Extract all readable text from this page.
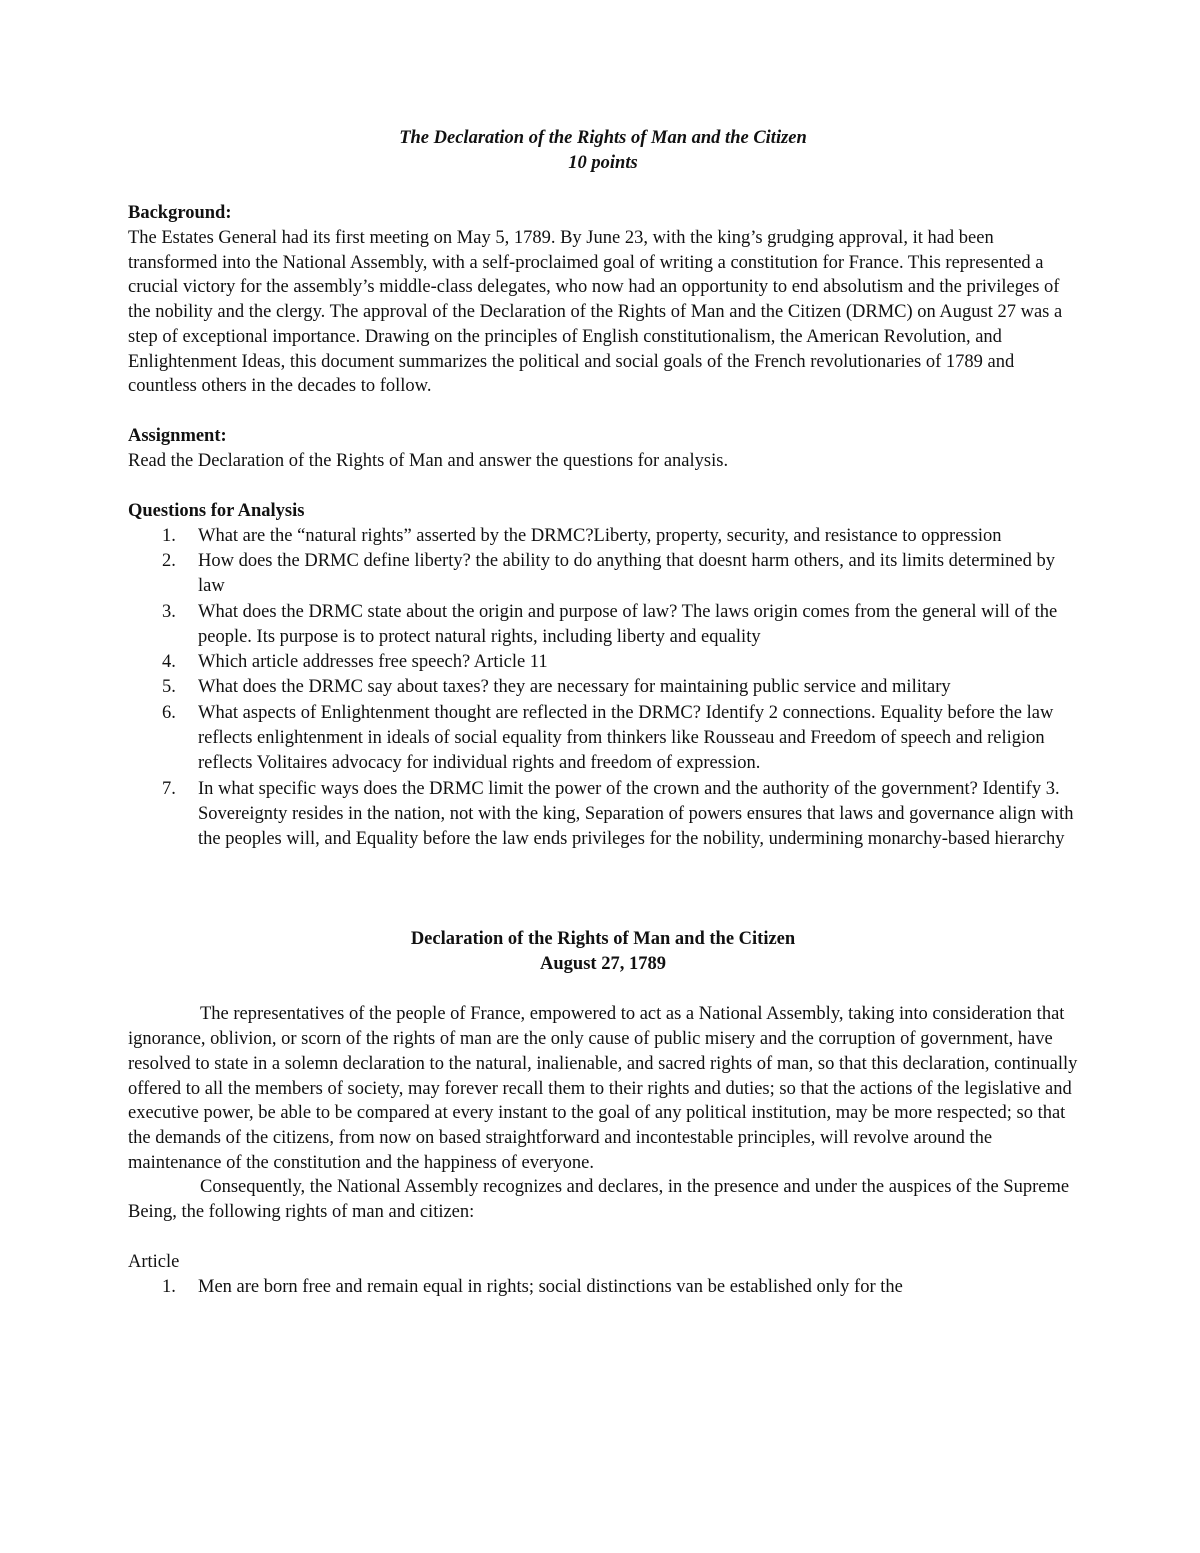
The Declaration of the Rights of Man and the Citizen
10 points
Background:

The Estates General had its first meeting on May 5, 1789. By June 23, with the king’s grudging approval, it had been transformed into the National Assembly, with a self-proclaimed goal of writing a constitution for France. This represented a crucial victory for the assembly’s middle-class delegates, who now had an opportunity to end absolutism and the privileges of the nobility and the clergy. The approval of the Declaration of the Rights of Man and the Citizen (DRMC) on August 27 was a step of exceptional importance. Drawing on the principles of English constitutionalism, the American Revolution, and Enlightenment Ideas, this document summarizes the political and social goals of the French revolutionaries of 1789 and countless others in the decades to follow.

Assignment:

Read the Declaration of the Rights of Man and answer the questions for analysis.

Questions for Analysis
1.	What are the “natural rights” asserted by the DRMC?Liberty, property, security, and resistance to oppression
2.	How does the DRMC define liberty? the ability to do anything that doesnt harm others, and its limits determined by law
3.	What does the DRMC state about the origin and purpose of law? The laws origin comes from the general will of the people. Its purpose is to protect natural rights, including liberty and equality
4.	Which article addresses free speech? Article 11
5.	What does the DRMC say about taxes? they are necessary for maintaining public service and military
6.	What aspects of Enlightenment thought are reflected in the DRMC? Identify 2 connections. Equality before the law reflects enlightenment in ideals of social equality from thinkers like Rousseau and Freedom of speech and religion reflects Volitaires advocacy for individual rights and freedom of expression.
7.	In what specific ways does the DRMC limit the power of the crown and the authority of the government? Identify 3. Sovereignty resides in the nation, not with the king, Separation of powers ensures that laws and governance align with the peoples will, and Equality before the law ends privileges for the nobility, undermining monarchy-based hierarchy
Declaration of the Rights of Man and the Citizen
August 27, 1789

The representatives of the people of France, empowered to act as a National Assembly, taking into consideration that ignorance, oblivion, or scorn of the rights of man are the only cause of public misery and the corruption of government, have resolved to state in a solemn declaration to the natural, inalienable, and sacred rights of man, so that this declaration, continually offered to all the members of society, may forever recall them to their rights and duties; so that the actions of the legislative and executive power, be able to be compared at every instant to the goal of any political institution, may be more respected; so that the demands of the citizens, from now on based straightforward and incontestable principles, will revolve around the maintenance of the constitution and the happiness of everyone.

Consequently, the National Assembly recognizes and declares, in the presence and under the auspices of the Supreme Being, the following rights of man and citizen:

Article

1.	Men are born free and remain equal in rights; social distinctions van be established only for the
